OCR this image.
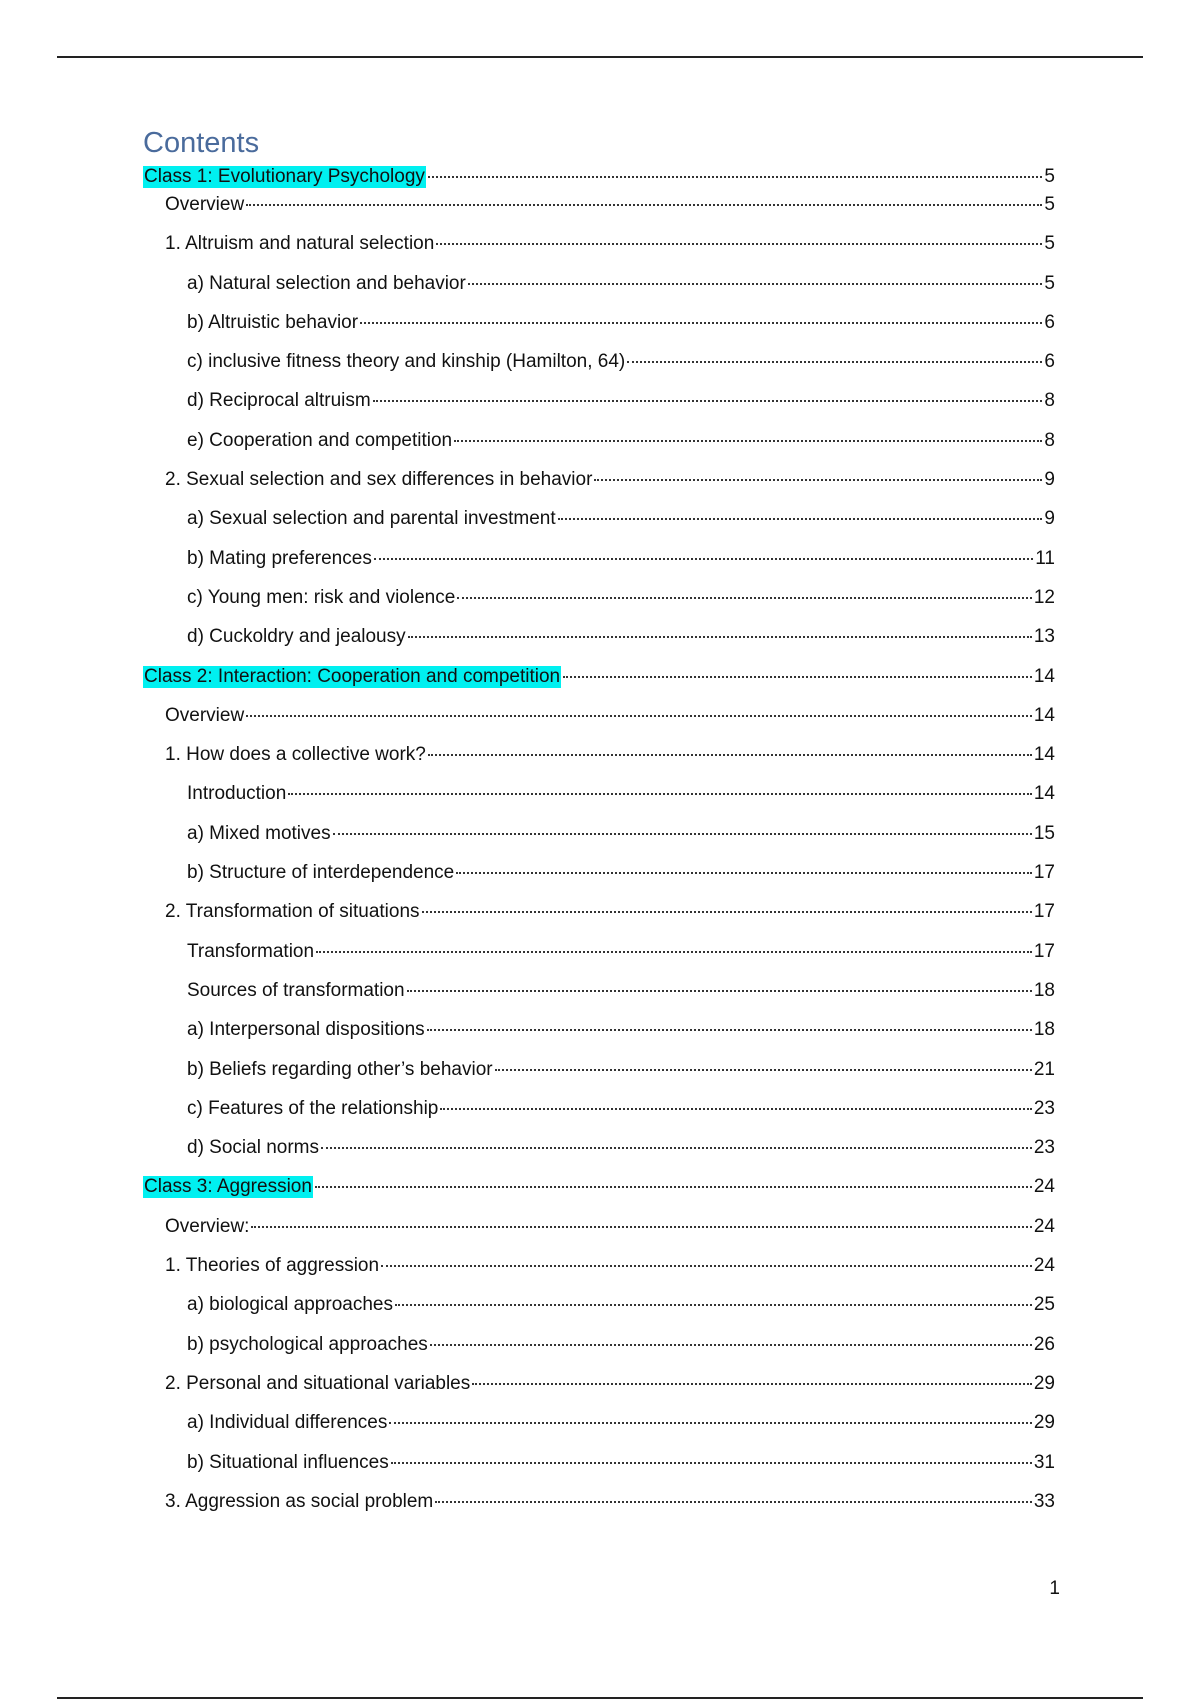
Contents
Class 1: Evolutionary Psychology	5
Overview	5
1. Altruism and natural selection	5
a) Natural selection and behavior	5
b) Altruistic behavior	6
c) inclusive fitness theory and kinship (Hamilton, 64)	6
d) Reciprocal altruism	8
e) Cooperation and competition	8
2. Sexual selection and sex differences in behavior	9
a) Sexual selection and parental investment	9
b) Mating preferences	11
c) Young men: risk and violence	12
d) Cuckoldry and jealousy	13
Class 2: Interaction: Cooperation and competition	14
Overview	14
1. How does a collective work?	14
Introduction	14
a) Mixed motives	15
b) Structure of interdependence	17
2. Transformation of situations	17
Transformation	17
Sources of transformation	18
a) Interpersonal dispositions	18
b) Beliefs regarding other’s behavior	21
c) Features of the relationship	23
d) Social norms	23
Class 3: Aggression	24
Overview:	24
1. Theories of aggression	24
a) biological approaches	25
b) psychological approaches	26
2. Personal and situational variables	29
a) Individual differences	29
b) Situational influences	31
3. Aggression as social problem	33
1
